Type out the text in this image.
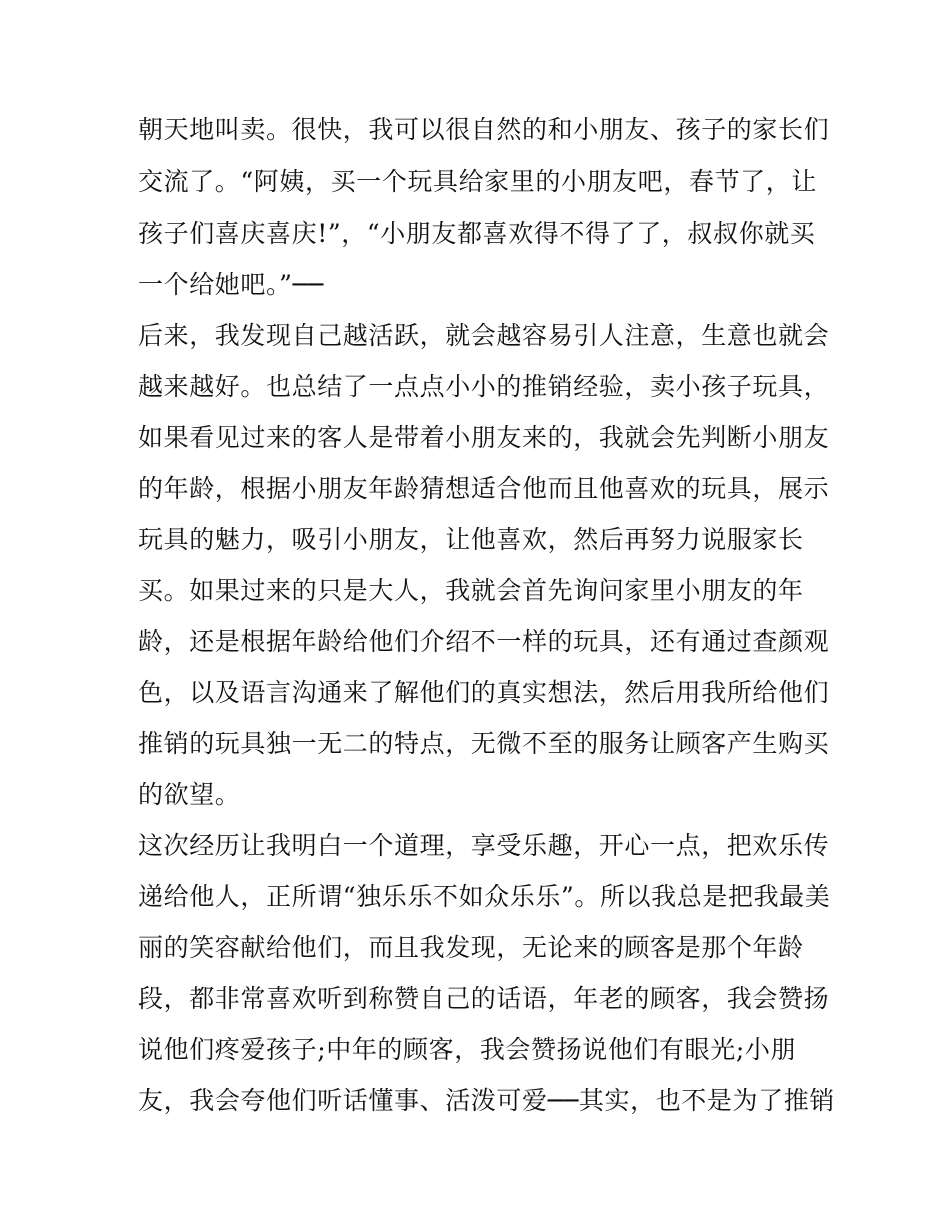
朝天地叫卖。很快，我可以很自然的和小朋友、孩子的家长们
交流了。“阿姨，买一个玩具给家里的小朋友吧，春节了，让
孩子们喜庆喜庆!”，“小朋友都喜欢得不得了了，叔叔你就买
一个给她吧。”──
后来，我发现自己越活跃，就会越容易引人注意，生意也就会
越来越好。也总结了一点点小小的推销经验，卖小孩子玩具，
如果看见过来的客人是带着小朋友来的，我就会先判断小朋友
的年龄，根据小朋友年龄猜想适合他而且他喜欢的玩具，展示
玩具的魅力，吸引小朋友，让他喜欢，然后再努力说服家长
买。如果过来的只是大人，我就会首先询问家里小朋友的年
龄，还是根据年龄给他们介绍不一样的玩具，还有通过查颜观
色，以及语言沟通来了解他们的真实想法，然后用我所给他们
推销的玩具独一无二的特点，无微不至的服务让顾客产生购买
的欲望。
这次经历让我明白一个道理，享受乐趣，开心一点，把欢乐传
递给他人，正所谓“独乐乐不如众乐乐”。所以我总是把我最美
丽的笑容献给他们，而且我发现，无论来的顾客是那个年龄
段，都非常喜欢听到称赞自己的话语，年老的顾客，我会赞扬
说他们疼爱孩子;中年的顾客，我会赞扬说他们有眼光;小朋
友，我会夸他们听话懂事、活泼可爱──其实，也不是为了推销
